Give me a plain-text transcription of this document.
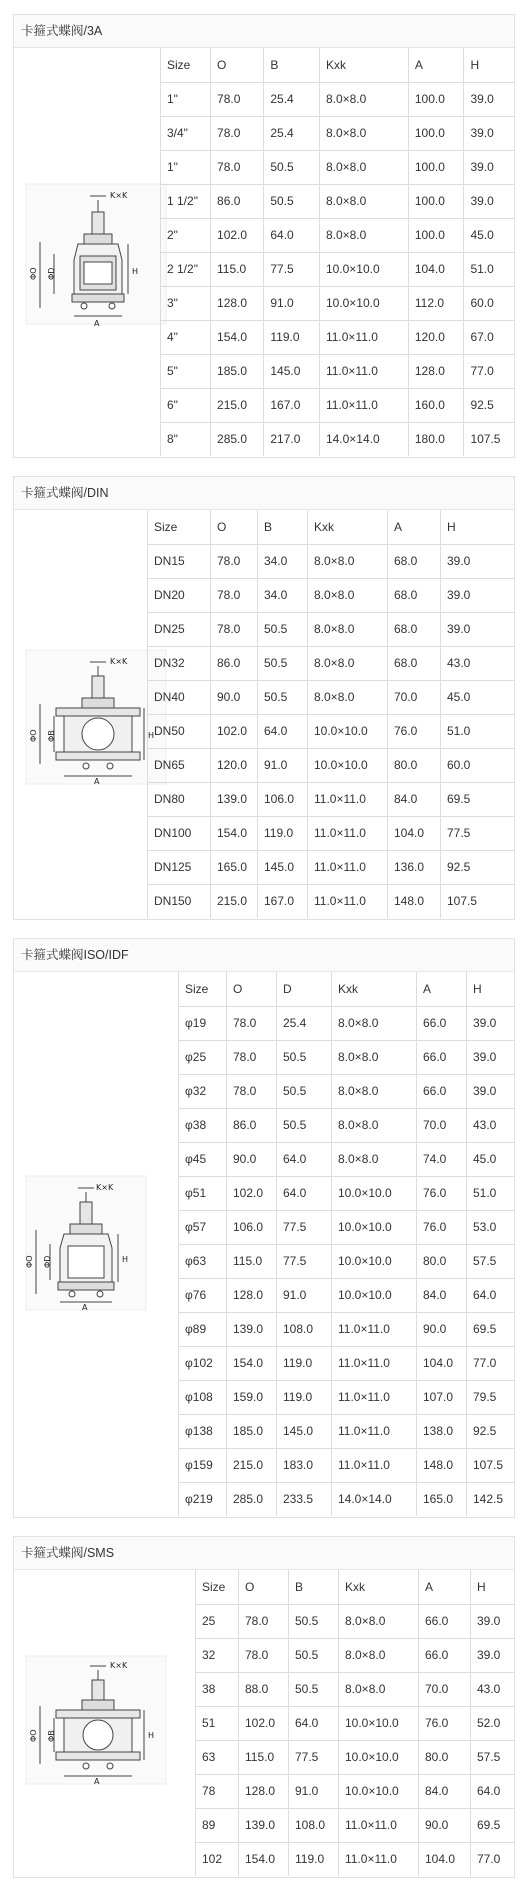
卡箍式蝶阀/3A
K×K
H
ΦO ΦD
A
Size	O	B	Kxk	A	H
1"	78.0	25.4	8.0×8.0	100.0	39.0
3/4"	78.0	25.4	8.0×8.0	100.0	39.0
1"	78.0	50.5	8.0×8.0	100.0	39.0
1 1/2"	86.0	50.5	8.0×8.0	100.0	39.0
2"	102.0	64.0	8.0×8.0	100.0	45.0
2 1/2"	115.0	77.5	10.0×10.0	104.0	51.0
3"	128.0	91.0	10.0×10.0	112.0	60.0
4"	154.0	119.0	11.0×11.0	120.0	67.0
5"	185.0	145.0	11.0×11.0	128.0	77.0
6"	215.0	167.0	11.0×11.0	160.0	92.5
8"	285.0	217.0	14.0×14.0	180.0	107.5
卡箍式蝶阀/DIN
K×K
H
ΦO ΦB
A
Size	O	B	Kxk	A	H
DN15	78.0	34.0	8.0×8.0	68.0	39.0
DN20	78.0	34.0	8.0×8.0	68.0	39.0
DN25	78.0	50.5	8.0×8.0	68.0	39.0
DN32	86.0	50.5	8.0×8.0	68.0	43.0
DN40	90.0	50.5	8.0×8.0	70.0	45.0
DN50	102.0	64.0	10.0×10.0	76.0	51.0
DN65	120.0	91.0	10.0×10.0	80.0	60.0
DN80	139.0	106.0	11.0×11.0	84.0	69.5
DN100	154.0	119.0	11.0×11.0	104.0	77.5
DN125	165.0	145.0	11.0×11.0	136.0	92.5
DN150	215.0	167.0	11.0×11.0	148.0	107.5
卡箍式蝶阀ISO/IDF
K×K
H
ΦO ΦD
A
Size	O	D	Kxk	A	H
φ19	78.0	25.4	8.0×8.0	66.0	39.0
φ25	78.0	50.5	8.0×8.0	66.0	39.0
φ32	78.0	50.5	8.0×8.0	66.0	39.0
φ38	86.0	50.5	8.0×8.0	70.0	43.0
φ45	90.0	64.0	8.0×8.0	74.0	45.0
φ51	102.0	64.0	10.0×10.0	76.0	51.0
φ57	106.0	77.5	10.0×10.0	76.0	53.0
φ63	115.0	77.5	10.0×10.0	80.0	57.5
φ76	128.0	91.0	10.0×10.0	84.0	64.0
φ89	139.0	108.0	11.0×11.0	90.0	69.5
φ102	154.0	119.0	11.0×11.0	104.0	77.0
φ108	159.0	119.0	11.0×11.0	107.0	79.5
φ138	185.0	145.0	11.0×11.0	138.0	92.5
φ159	215.0	183.0	11.0×11.0	148.0	107.5
φ219	285.0	233.5	14.0×14.0	165.0	142.5
卡箍式蝶阀/SMS
K×K
H
ΦO ΦB
A
Size	O	B	Kxk	A	H
25	78.0	50.5	8.0×8.0	66.0	39.0
32	78.0	50.5	8.0×8.0	66.0	39.0
38	88.0	50.5	8.0×8.0	70.0	43.0
51	102.0	64.0	10.0×10.0	76.0	52.0
63	115.0	77.5	10.0×10.0	80.0	57.5
78	128.0	91.0	10.0×10.0	84.0	64.0
89	139.0	108.0	11.0×11.0	90.0	69.5
102	154.0	119.0	11.0×11.0	104.0	77.0
